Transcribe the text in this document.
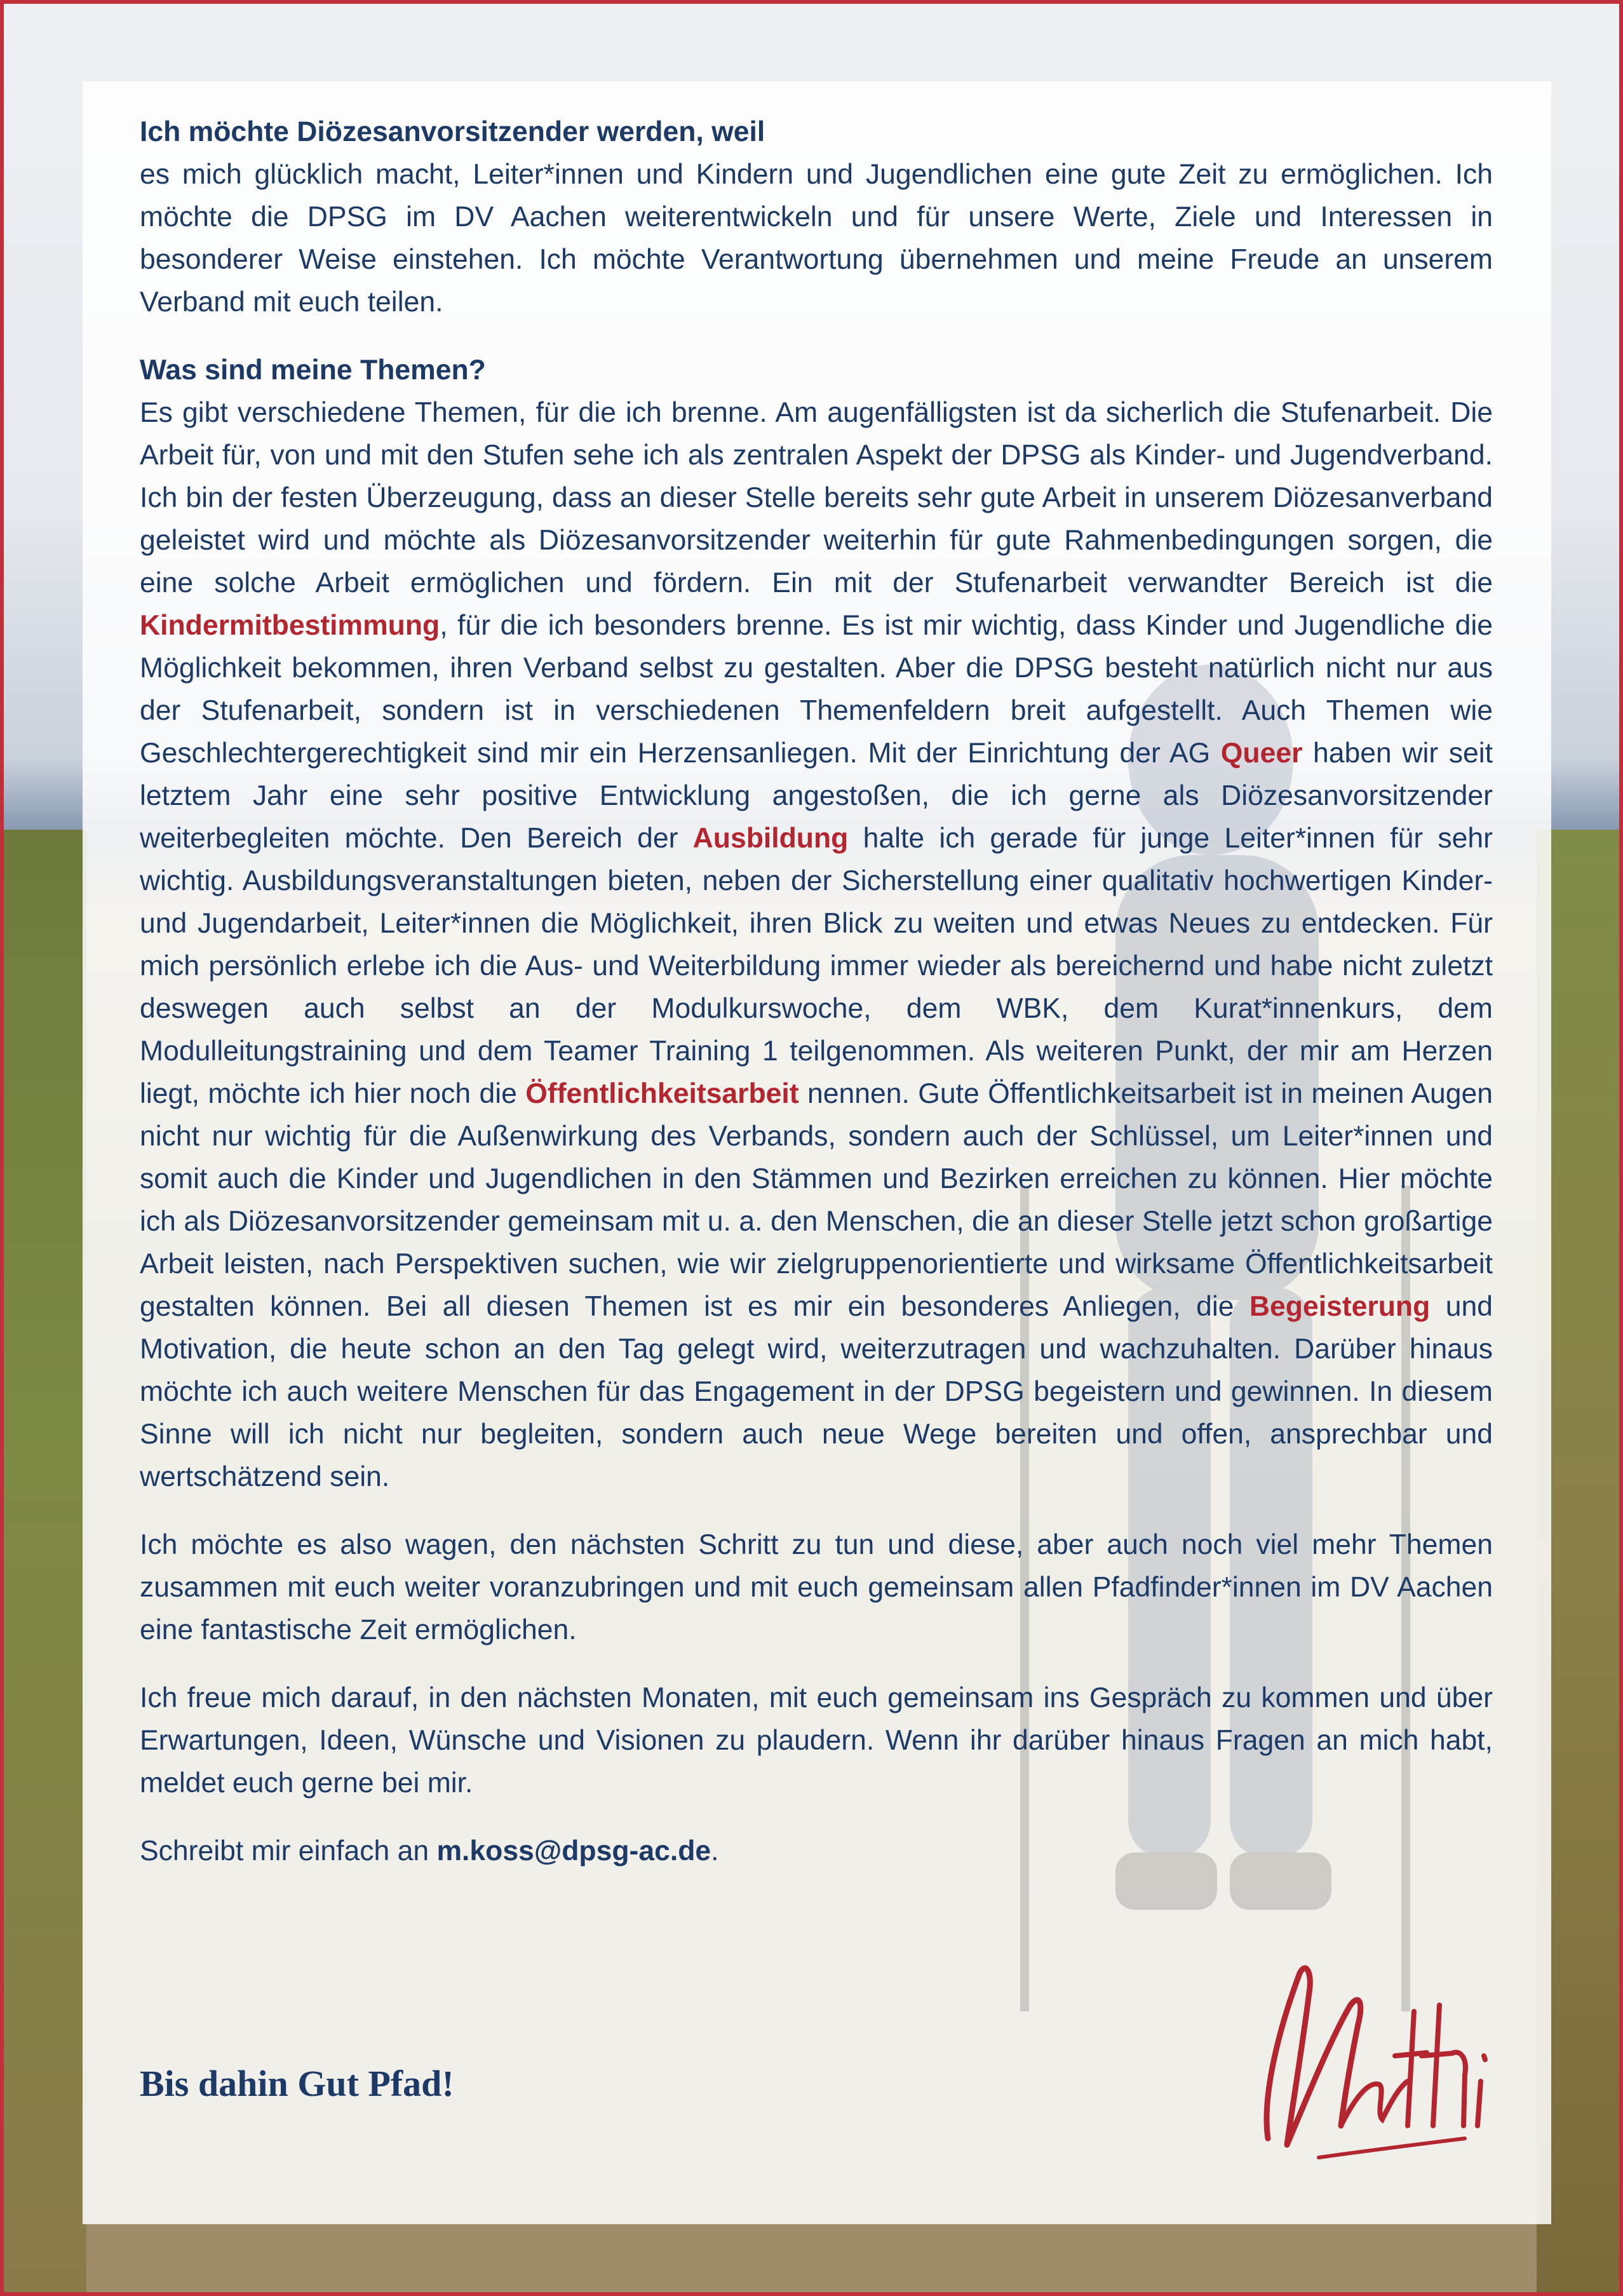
Ich möchte Diözesanvorsitzender werden, weil
es mich glücklich macht, Leiter*innen und Kindern und Jugendlichen eine gute Zeit zu ermöglichen. Ich möchte die DPSG im DV Aachen weiterentwickeln und für unsere Werte, Ziele und Interessen in besonderer Weise einstehen. Ich möchte Verantwortung übernehmen und meine Freude an unserem Verband mit euch teilen.

Was sind meine Themen?
Es gibt verschiedene Themen, für die ich brenne. Am augenfälligsten ist da sicherlich die Stufenarbeit. Die Arbeit für, von und mit den Stufen sehe ich als zentralen Aspekt der DPSG als Kinder- und Jugendverband. Ich bin der festen Überzeugung, dass an dieser Stelle bereits sehr gute Arbeit in unserem Diözesanverband geleistet wird und möchte als Diözesanvorsitzender weiterhin für gute Rahmenbedingungen sorgen, die eine solche Arbeit ermöglichen und fördern. Ein mit der Stufenarbeit verwandter Bereich ist die Kindermitbestimmung, für die ich besonders brenne. Es ist mir wichtig, dass Kinder und Jugendliche die Möglichkeit bekommen, ihren Verband selbst zu gestalten. Aber die DPSG besteht natürlich nicht nur aus der Stufenarbeit, sondern ist in verschiedenen Themenfeldern breit aufgestellt. Auch Themen wie Geschlechtergerechtigkeit sind mir ein Herzensanliegen. Mit der Einrichtung der AG Queer haben wir seit letztem Jahr eine sehr positive Entwicklung angestoßen, die ich gerne als Diözesanvorsitzender weiterbegleiten möchte. Den Bereich der Ausbildung halte ich gerade für junge Leiter*innen für sehr wichtig. Ausbildungsveranstaltungen bieten, neben der Sicherstellung einer qualitativ hochwertigen Kinder- und Jugendarbeit, Leiter*innen die Möglichkeit, ihren Blick zu weiten und etwas Neues zu entdecken. Für mich persönlich erlebe ich die Aus- und Weiterbildung immer wieder als bereichernd und habe nicht zuletzt deswegen auch selbst an der Modulkurswoche, dem WBK, dem Kurat*innenkurs, dem Modulleitungstraining und dem Teamer Training 1 teilgenommen. Als weiteren Punkt, der mir am Herzen liegt, möchte ich hier noch die Öffentlichkeitsarbeit nennen. Gute Öffentlichkeitsarbeit ist in meinen Augen nicht nur wichtig für die Außenwirkung des Verbands, sondern auch der Schlüssel, um Leiter*innen und somit auch die Kinder und Jugendlichen in den Stämmen und Bezirken erreichen zu können. Hier möchte ich als Diözesanvorsitzender gemeinsam mit u. a. den Menschen, die an dieser Stelle jetzt schon großartige Arbeit leisten, nach Perspektiven suchen, wie wir zielgruppenorientierte und wirksame Öffentlichkeitsarbeit gestalten können. Bei all diesen Themen ist es mir ein besonderes Anliegen, die Begeisterung und Motivation, die heute schon an den Tag gelegt wird, weiterzutragen und wachzuhalten. Darüber hinaus möchte ich auch weitere Menschen für das Engagement in der DPSG begeistern und gewinnen. In diesem Sinne will ich nicht nur begleiten, sondern auch neue Wege bereiten und offen, ansprechbar und wertschätzend sein.

Ich möchte es also wagen, den nächsten Schritt zu tun und diese, aber auch noch viel mehr Themen zusammen mit euch weiter voranzubringen und mit euch gemeinsam allen Pfadfinder*innen im DV Aachen eine fantastische Zeit ermöglichen.

Ich freue mich darauf, in den nächsten Monaten, mit euch gemeinsam ins Gespräch zu kommen und über Erwartungen, Ideen, Wünsche und Visionen zu plaudern. Wenn ihr darüber hinaus Fragen an mich habt, meldet euch gerne bei mir.

Schreibt mir einfach an m.koss@dpsg-ac.de.

Bis dahin Gut Pfad!
